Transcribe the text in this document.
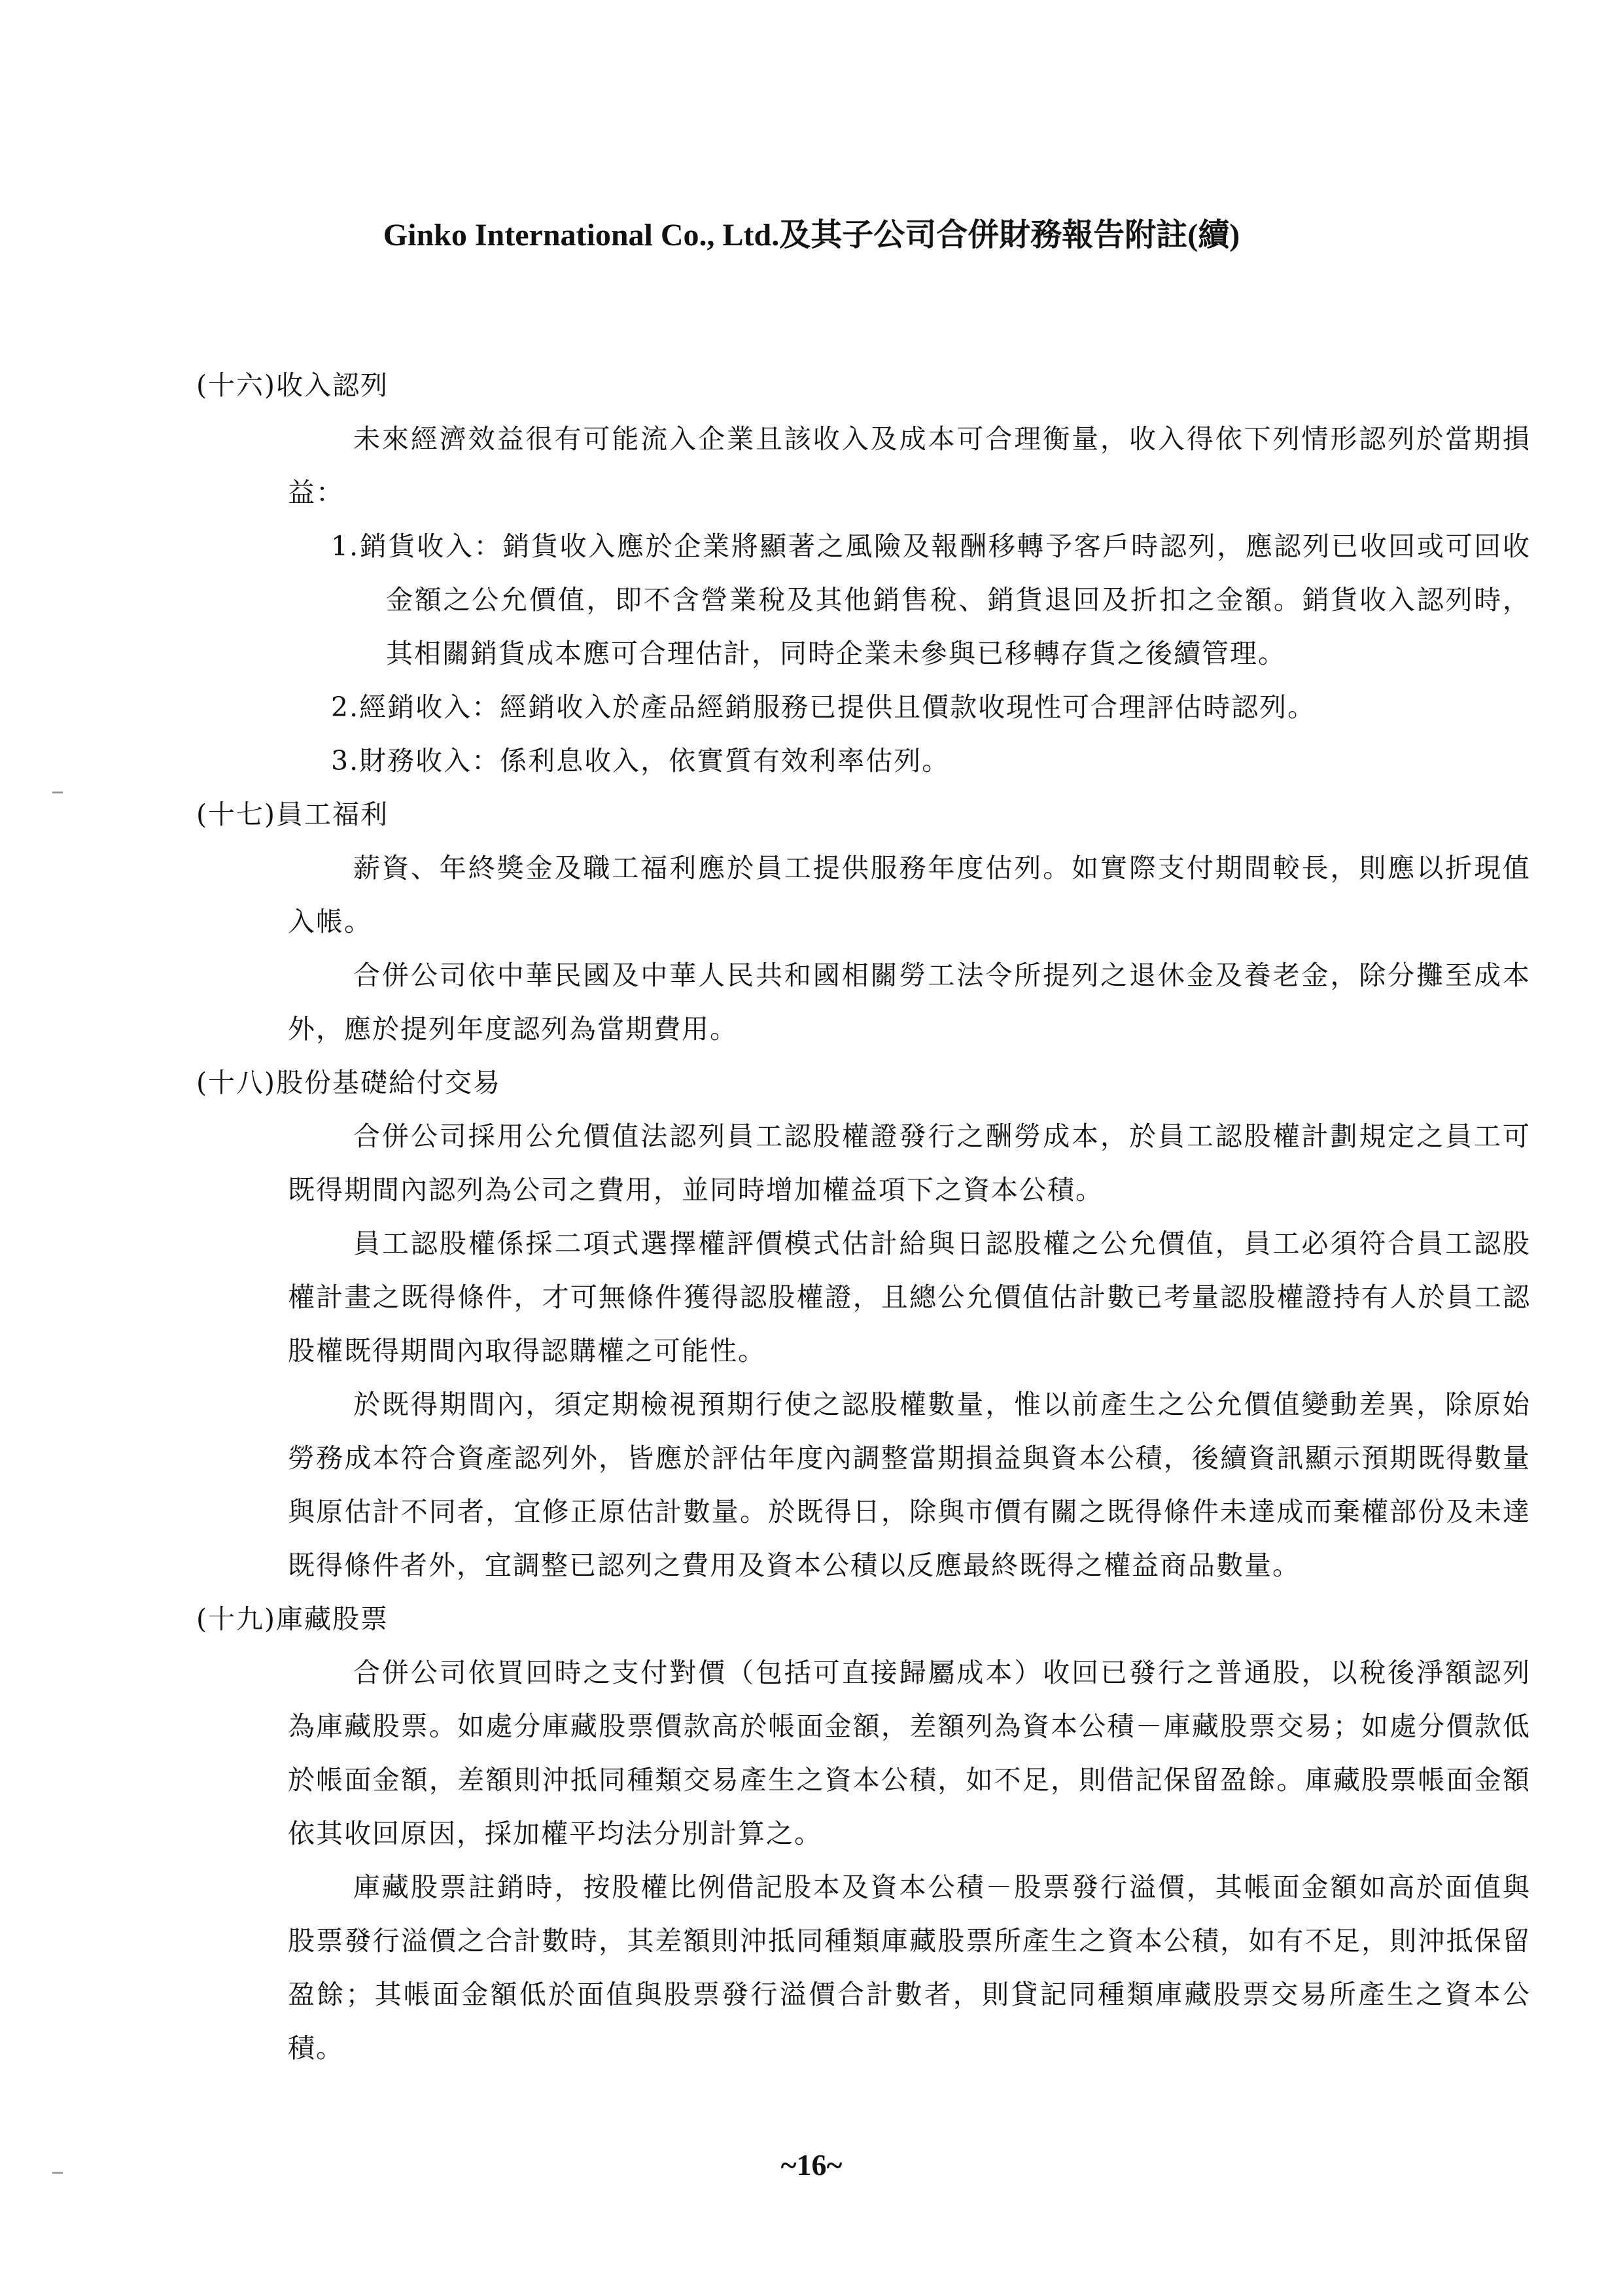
Ginko International Co., Ltd.及其子公司合併財務報告附註(續)

(十六)收入認列

未來經濟效益很有可能流入企業且該收入及成本可合理衡量，收入得依下列情形認列於當期損益：

1.銷貨收入：銷貨收入應於企業將顯著之風險及報酬移轉予客戶時認列，應認列已收回或可回收金額之公允價值，即不含營業稅及其他銷售稅、銷貨退回及折扣之金額。銷貨收入認列時，其相關銷貨成本應可合理估計，同時企業未參與已移轉存貨之後續管理。

2.經銷收入：經銷收入於產品經銷服務已提供且價款收現性可合理評估時認列。

3.財務收入：係利息收入，依實質有效利率估列。

(十七)員工福利

薪資、年終獎金及職工福利應於員工提供服務年度估列。如實際支付期間較長，則應以折現值入帳。

合併公司依中華民國及中華人民共和國相關勞工法令所提列之退休金及養老金，除分攤至成本外，應於提列年度認列為當期費用。

(十八)股份基礎給付交易

合併公司採用公允價值法認列員工認股權證發行之酬勞成本，於員工認股權計劃規定之員工可既得期間內認列為公司之費用，並同時增加權益項下之資本公積。

員工認股權係採二項式選擇權評價模式估計給與日認股權之公允價值，員工必須符合員工認股權計畫之既得條件，才可無條件獲得認股權證，且總公允價值估計數已考量認股權證持有人於員工認股權既得期間內取得認購權之可能性。

於既得期間內，須定期檢視預期行使之認股權數量，惟以前產生之公允價值變動差異，除原始勞務成本符合資產認列外，皆應於評估年度內調整當期損益與資本公積，後續資訊顯示預期既得數量與原估計不同者，宜修正原估計數量。於既得日，除與市價有關之既得條件未達成而棄權部份及未達既得條件者外，宜調整已認列之費用及資本公積以反應最終既得之權益商品數量。

(十九)庫藏股票

合併公司依買回時之支付對價（包括可直接歸屬成本）收回已發行之普通股，以稅後淨額認列為庫藏股票。如處分庫藏股票價款高於帳面金額，差額列為資本公積－庫藏股票交易；如處分價款低於帳面金額，差額則沖抵同種類交易產生之資本公積，如不足，則借記保留盈餘。庫藏股票帳面金額依其收回原因，採加權平均法分別計算之。

庫藏股票註銷時，按股權比例借記股本及資本公積－股票發行溢價，其帳面金額如高於面值與股票發行溢價之合計數時，其差額則沖抵同種類庫藏股票所產生之資本公積，如有不足，則沖抵保留盈餘；其帳面金額低於面值與股票發行溢價合計數者，則貸記同種類庫藏股票交易所產生之資本公積。

~16~
